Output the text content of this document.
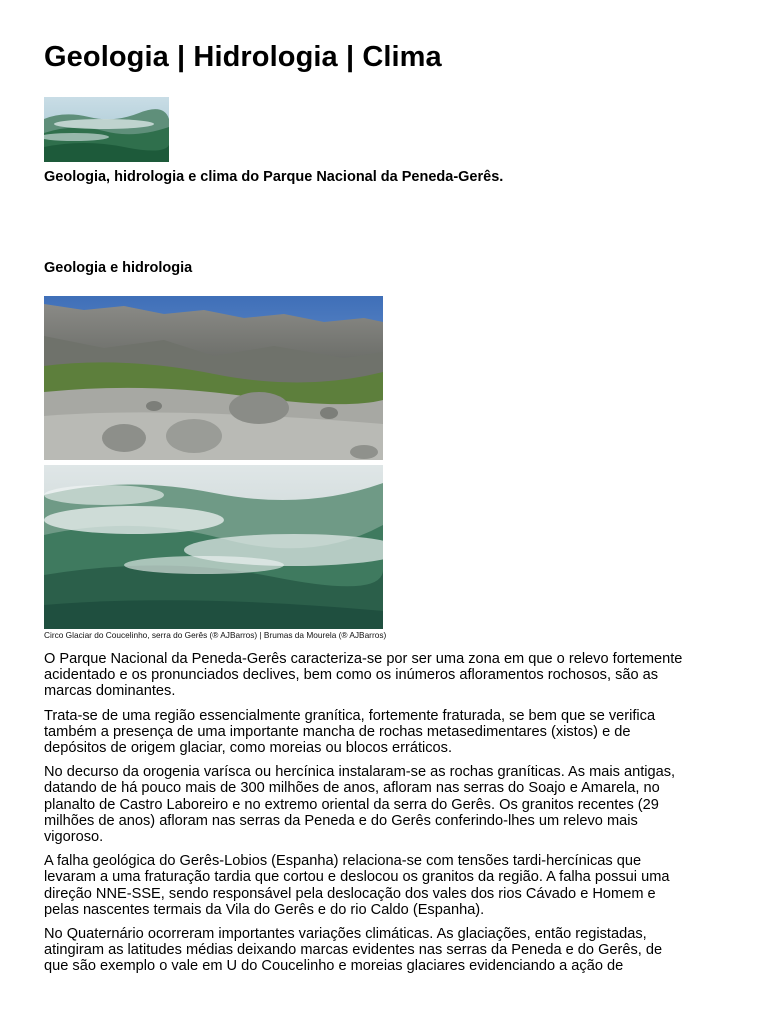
Geologia | Hidrologia | Clima

Geologia, hidrologia e clima do Parque Nacional da Peneda-Gerês.

Geologia e hidrologia

Circo Glaciar do Coucelinho, serra do Gerês (® AJBarros) | Brumas da Mourela (® AJBarros)

O Parque Nacional da Peneda-Gerês caracteriza-se por ser uma zona em que o relevo fortemente acidentado e os pronunciados declives, bem como os inúmeros afloramentos rochosos, são as marcas dominantes.

Trata-se de uma região essencialmente granítica, fortemente fraturada, se bem que se verifica também a presença de uma importante mancha de rochas metasedimentares (xistos) e de depósitos de origem glaciar, como moreias ou blocos erráticos.

No decurso da orogenia varísca ou hercínica instalaram-se as rochas graníticas. As mais antigas, datando de há pouco mais de 300 milhões de anos, afloram nas serras do Soajo e Amarela, no planalto de Castro Laboreiro e no extremo oriental da serra do Gerês. Os granitos recentes (29 milhões de anos) afloram nas serras da Peneda e do Gerês conferindo-lhes um relevo mais vigoroso.

A falha geológica do Gerês-Lobios (Espanha) relaciona-se com tensões tardi-hercínicas que levaram a uma fraturação tardia que cortou e deslocou os granitos da região. A falha possui uma direção NNE-SSE, sendo responsável pela deslocação dos vales dos rios Cávado e Homem e pelas nascentes termais da Vila do Gerês e do rio Caldo (Espanha).

No Quaternário ocorreram importantes variações climáticas. As glaciações, então registadas, atingiram as latitudes médias deixando marcas evidentes nas serras da Peneda e do Gerês, de que são exemplo o vale em U do Coucelinho e moreias glaciares evidenciando a ação de
